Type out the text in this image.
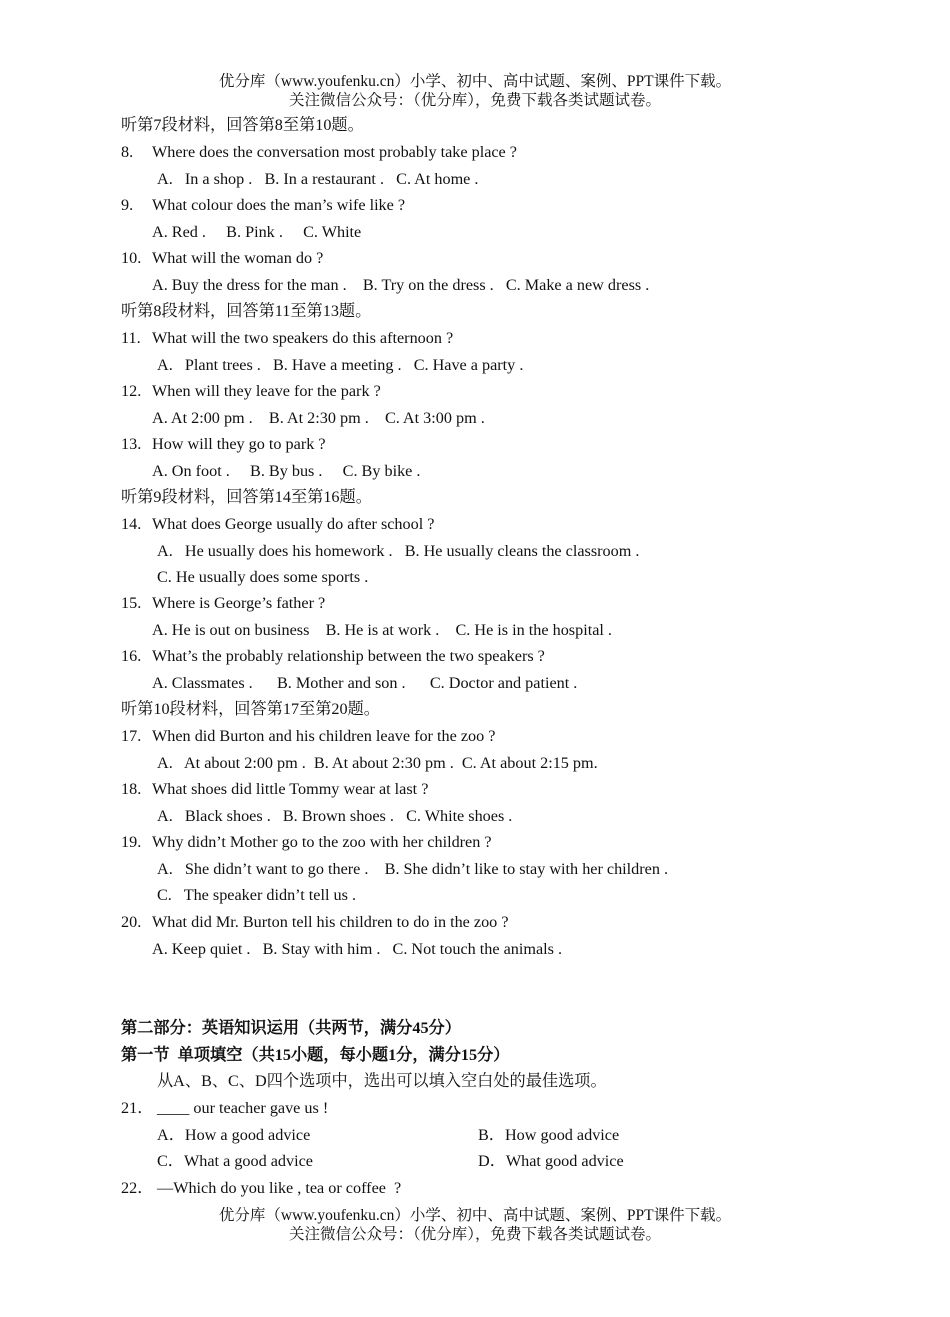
优分库（www.youfenku.cn）小学、初中、高中试题、案例、PPT课件下载。
关注微信公众号：（优分库），免费下载各类试题试卷。
听第7段材料，回答第8至第10题。
8. Where does the conversation most probably take place ?
A.   In a shop .   B. In a restaurant .   C. At home .
9. What colour does the man’s wife like ?
A. Red .     B. Pink .     C. White
10. What will the woman do ?
A. Buy the dress for the man .    B. Try on the dress .   C. Make a new dress .
听第8段材料，回答第11至第13题。
11. What will the two speakers do this afternoon ?
A.   Plant trees .   B. Have a meeting .   C. Have a party .
12. When will they leave for the park ?
A. At 2:00 pm .    B. At 2:30 pm .    C. At 3:00 pm .
13. How will they go to park ?
A. On foot .     B. By bus .     C. By bike .
听第9段材料，回答第14至第16题。
14. What does George usually do after school ?
A.   He usually does his homework .   B. He usually cleans the classroom .
C. He usually does some sports .
15. Where is George’s father ?
A. He is out on business    B. He is at work .    C. He is in the hospital .
16. What’s the probably relationship between the two speakers ?
A. Classmates .      B. Mother and son .      C. Doctor and patient .
听第10段材料，回答第17至第20题。
17. When did Burton and his children leave for the zoo ?
A.   At about 2:00 pm .  B. At about 2:30 pm .  C. At about 2:15 pm.
18. What shoes did little Tommy wear at last ?
A.   Black shoes .   B. Brown shoes .   C. White shoes .
19. Why didn’t Mother go to the zoo with her children ?
A.   She didn’t want to go there .    B. She didn’t like to stay with her children .
C.   The speaker didn’t tell us .
20. What did Mr. Burton tell his children to do in the zoo ?
A. Keep quiet .   B. Stay with him .   C. Not touch the animals .
第二部分：英语知识运用（共两节，满分45分）
第一节  单项填空（共15小题，每小题1分，满分15分）
从A、B、C、D四个选项中，选出可以填入空白处的最佳选项。
21． ____ our teacher gave us !
A．How a good advice	B．How good advice
C．What a good advice	D．What good advice
22． —Which do you like , tea or coffee  ?
优分库（www.youfenku.cn）小学、初中、高中试题、案例、PPT课件下载。
关注微信公众号：（优分库），免费下载各类试题试卷。
